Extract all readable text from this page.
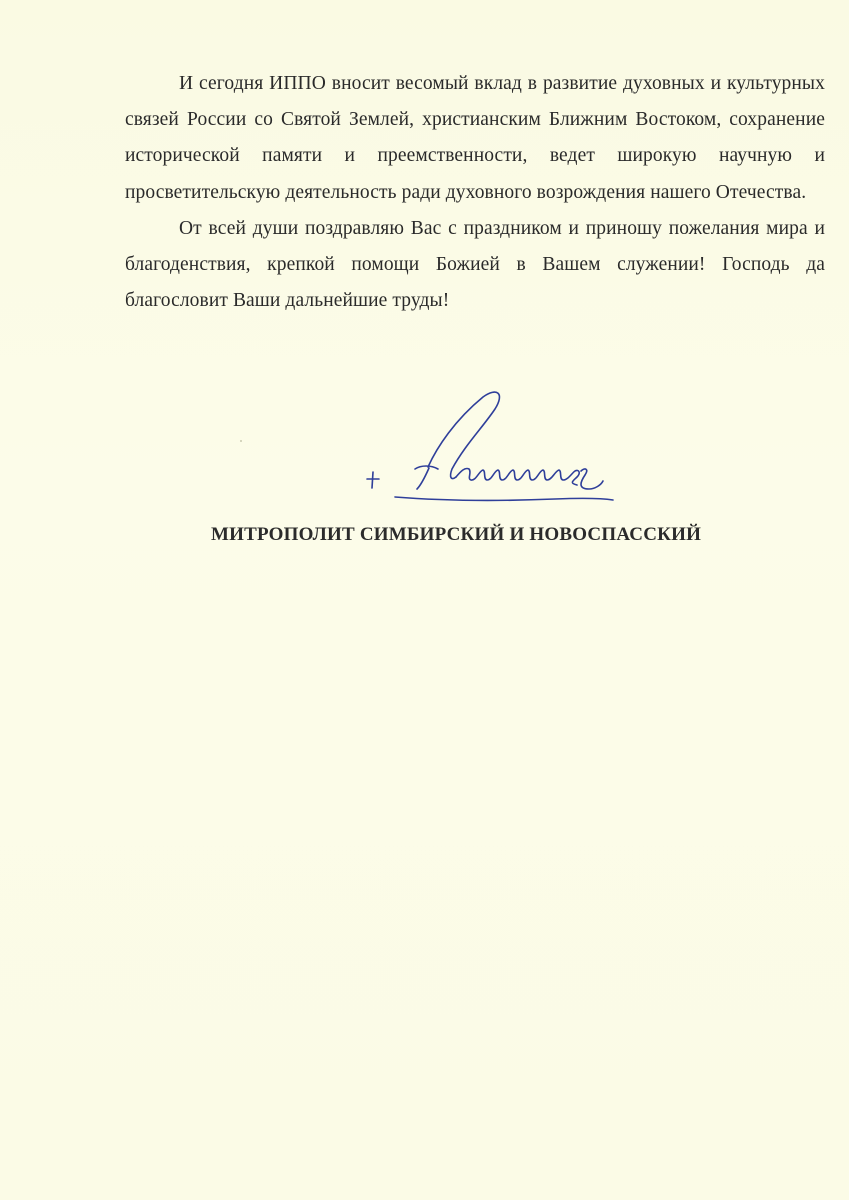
И сегодня ИППО вносит весомый вклад в развитие духовных и культурных связей России со Святой Землей, христианским Ближним Востоком, сохранение исторической памяти и преемственности, ведет широкую научную и просветительскую деятельность ради духовного возрождения нашего Отечества.

От всей души поздравляю Вас с праздником и приношу пожелания мира и благоденствия, крепкой помощи Божией в Вашем служении! Господь да благословит Ваши дальнейшие труды!

МИТРОПОЛИТ СИМБИРСКИЙ И НОВОСПАССКИЙ
